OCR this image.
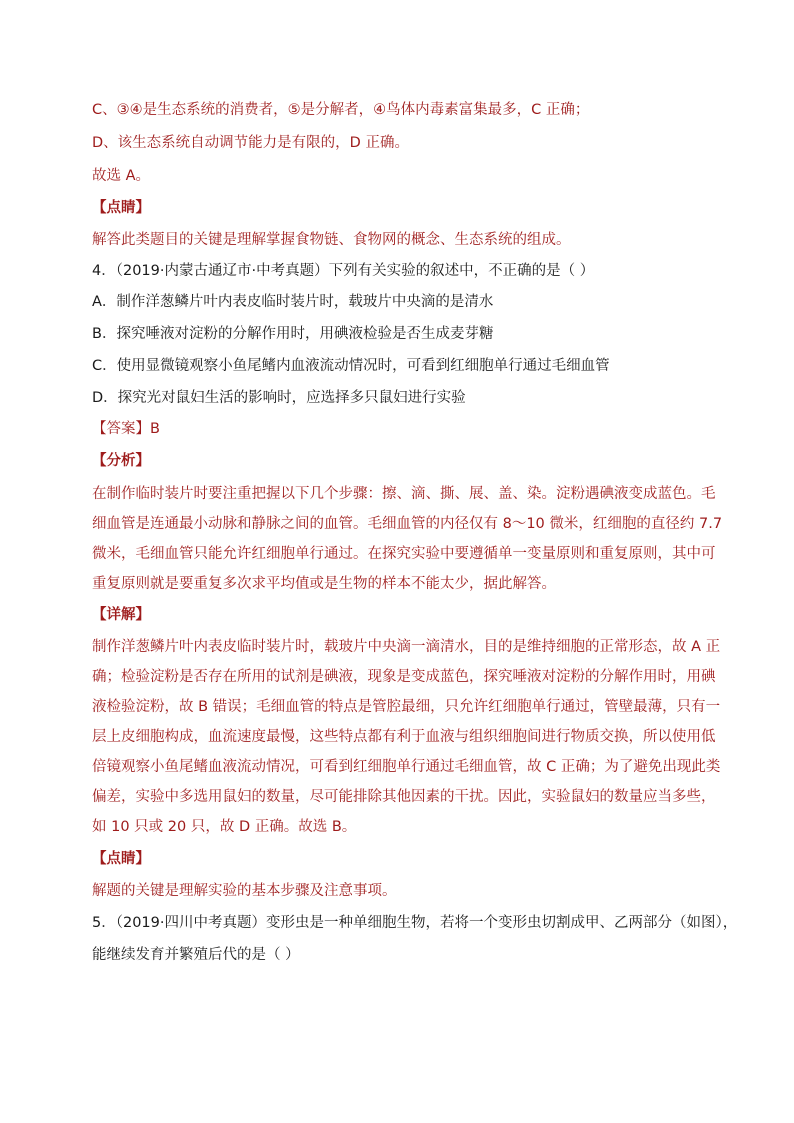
C、③④是生态系统的消费者，⑤是分解者，④鸟体内毒素富集最多，C 正确；
D、该生态系统自动调节能力是有限的，D 正确。
故选 A。
【点睛】
解答此类题目的关键是理解掌握食物链、食物网的概念、生态系统的组成。
4．（2019·内蒙古通辽市·中考真题）下列有关实验的叙述中，不正确的是（ ）
A．制作洋葱鳞片叶内表皮临时装片时，载玻片中央滴的是清水
B．探究唾液对淀粉的分解作用时，用碘液检验是否生成麦芽糖
C．使用显微镜观察小鱼尾鳍内血液流动情况时，可看到红细胞单行通过毛细血管
D．探究光对鼠妇生活的影响时，应选择多只鼠妇进行实验
【答案】B
【分析】
在制作临时装片时要注重把握以下几个步骤：擦、滴、撕、展、盖、染。淀粉遇碘液变成蓝色。毛
细血管是连通最小动脉和静脉之间的血管。毛细血管的内径仅有 8～10 微米，红细胞的直径约 7.7
微米，毛细血管只能允许红细胞单行通过。在探究实验中要遵循单一变量原则和重复原则，其中可
重复原则就是要重复多次求平均值或是生物的样本不能太少，据此解答。
【详解】
制作洋葱鳞片叶内表皮临时装片时，载玻片中央滴一滴清水，目的是维持细胞的正常形态，故 A 正
确；检验淀粉是否存在所用的试剂是碘液，现象是变成蓝色，探究唾液对淀粉的分解作用时，用碘
液检验淀粉，故 B 错误；毛细血管的特点是管腔最细，只允许红细胞单行通过，管壁最薄，只有一
层上皮细胞构成，血流速度最慢，这些特点都有利于血液与组织细胞间进行物质交换，所以使用低
倍镜观察小鱼尾鳍血液流动情况，可看到红细胞单行通过毛细血管，故 C 正确；为了避免出现此类
偏差，实验中多选用鼠妇的数量，尽可能排除其他因素的干扰。因此，实验鼠妇的数量应当多些，
如 10 只或 20 只，故 D 正确。故选 B。
【点睛】
解题的关键是理解实验的基本步骤及注意事项。
5．（2019·四川中考真题）变形虫是一种单细胞生物，若将一个变形虫切割成甲、乙两部分（如图），
能继续发育并繁殖后代的是（ ）
